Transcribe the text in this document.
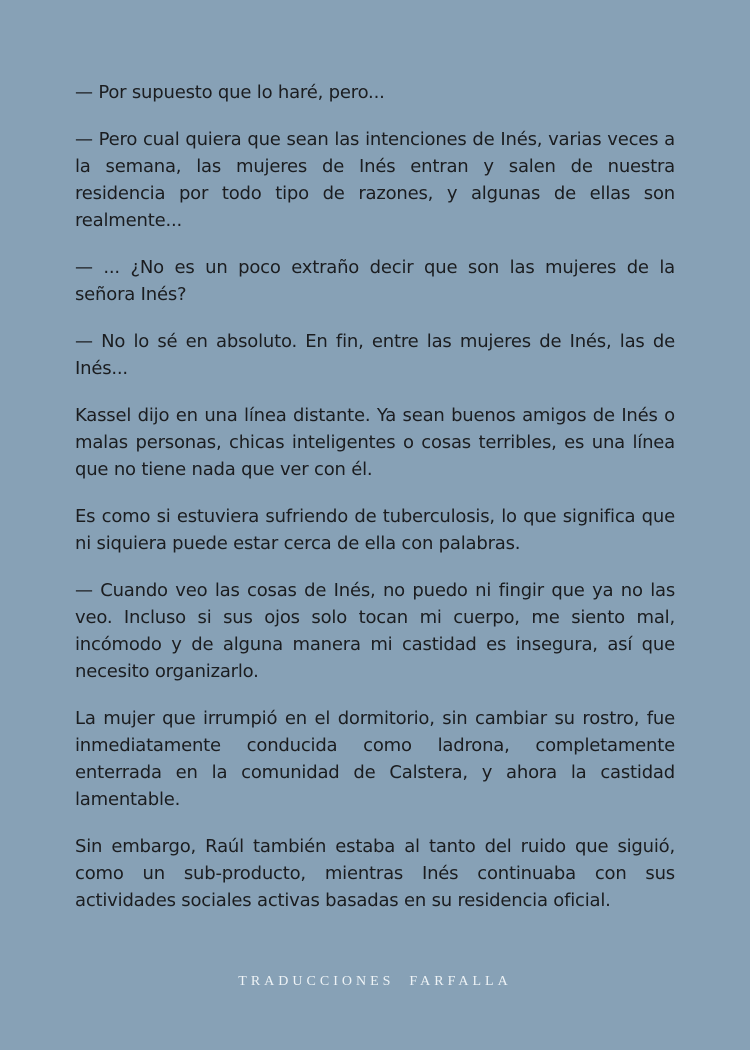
— Por supuesto que lo haré, pero...

— Pero cual quiera que sean las intenciones de Inés, varias veces a la semana, las mujeres de Inés entran y salen de nuestra residencia por todo tipo de razones, y algunas de ellas son realmente...

— ... ¿No es un poco extraño decir que son las mujeres de la señora Inés?

— No lo sé en absoluto. En fin, entre las mujeres de Inés, las de Inés...

Kassel dijo en una línea distante. Ya sean buenos amigos de Inés o malas personas, chicas inteligentes o cosas terribles, es una línea que no tiene nada que ver con él.

Es como si estuviera sufriendo de tuberculosis, lo que significa que ni siquiera puede estar cerca de ella con palabras.

— Cuando veo las cosas de Inés, no puedo ni fingir que ya no las veo. Incluso si sus ojos solo tocan mi cuerpo, me siento mal, incómodo y de alguna manera mi castidad es insegura, así que necesito organizarlo.

La mujer que irrumpió en el dormitorio, sin cambiar su rostro, fue inmediatamente conducida como ladrona, completamente enterrada en la comunidad de Calstera, y ahora la castidad lamentable.

Sin embargo, Raúl también estaba al tanto del ruido que siguió, como un sub-producto, mientras Inés continuaba con sus actividades sociales activas basadas en su residencia oficial.

TRADUCCIONES  FARFALLA
